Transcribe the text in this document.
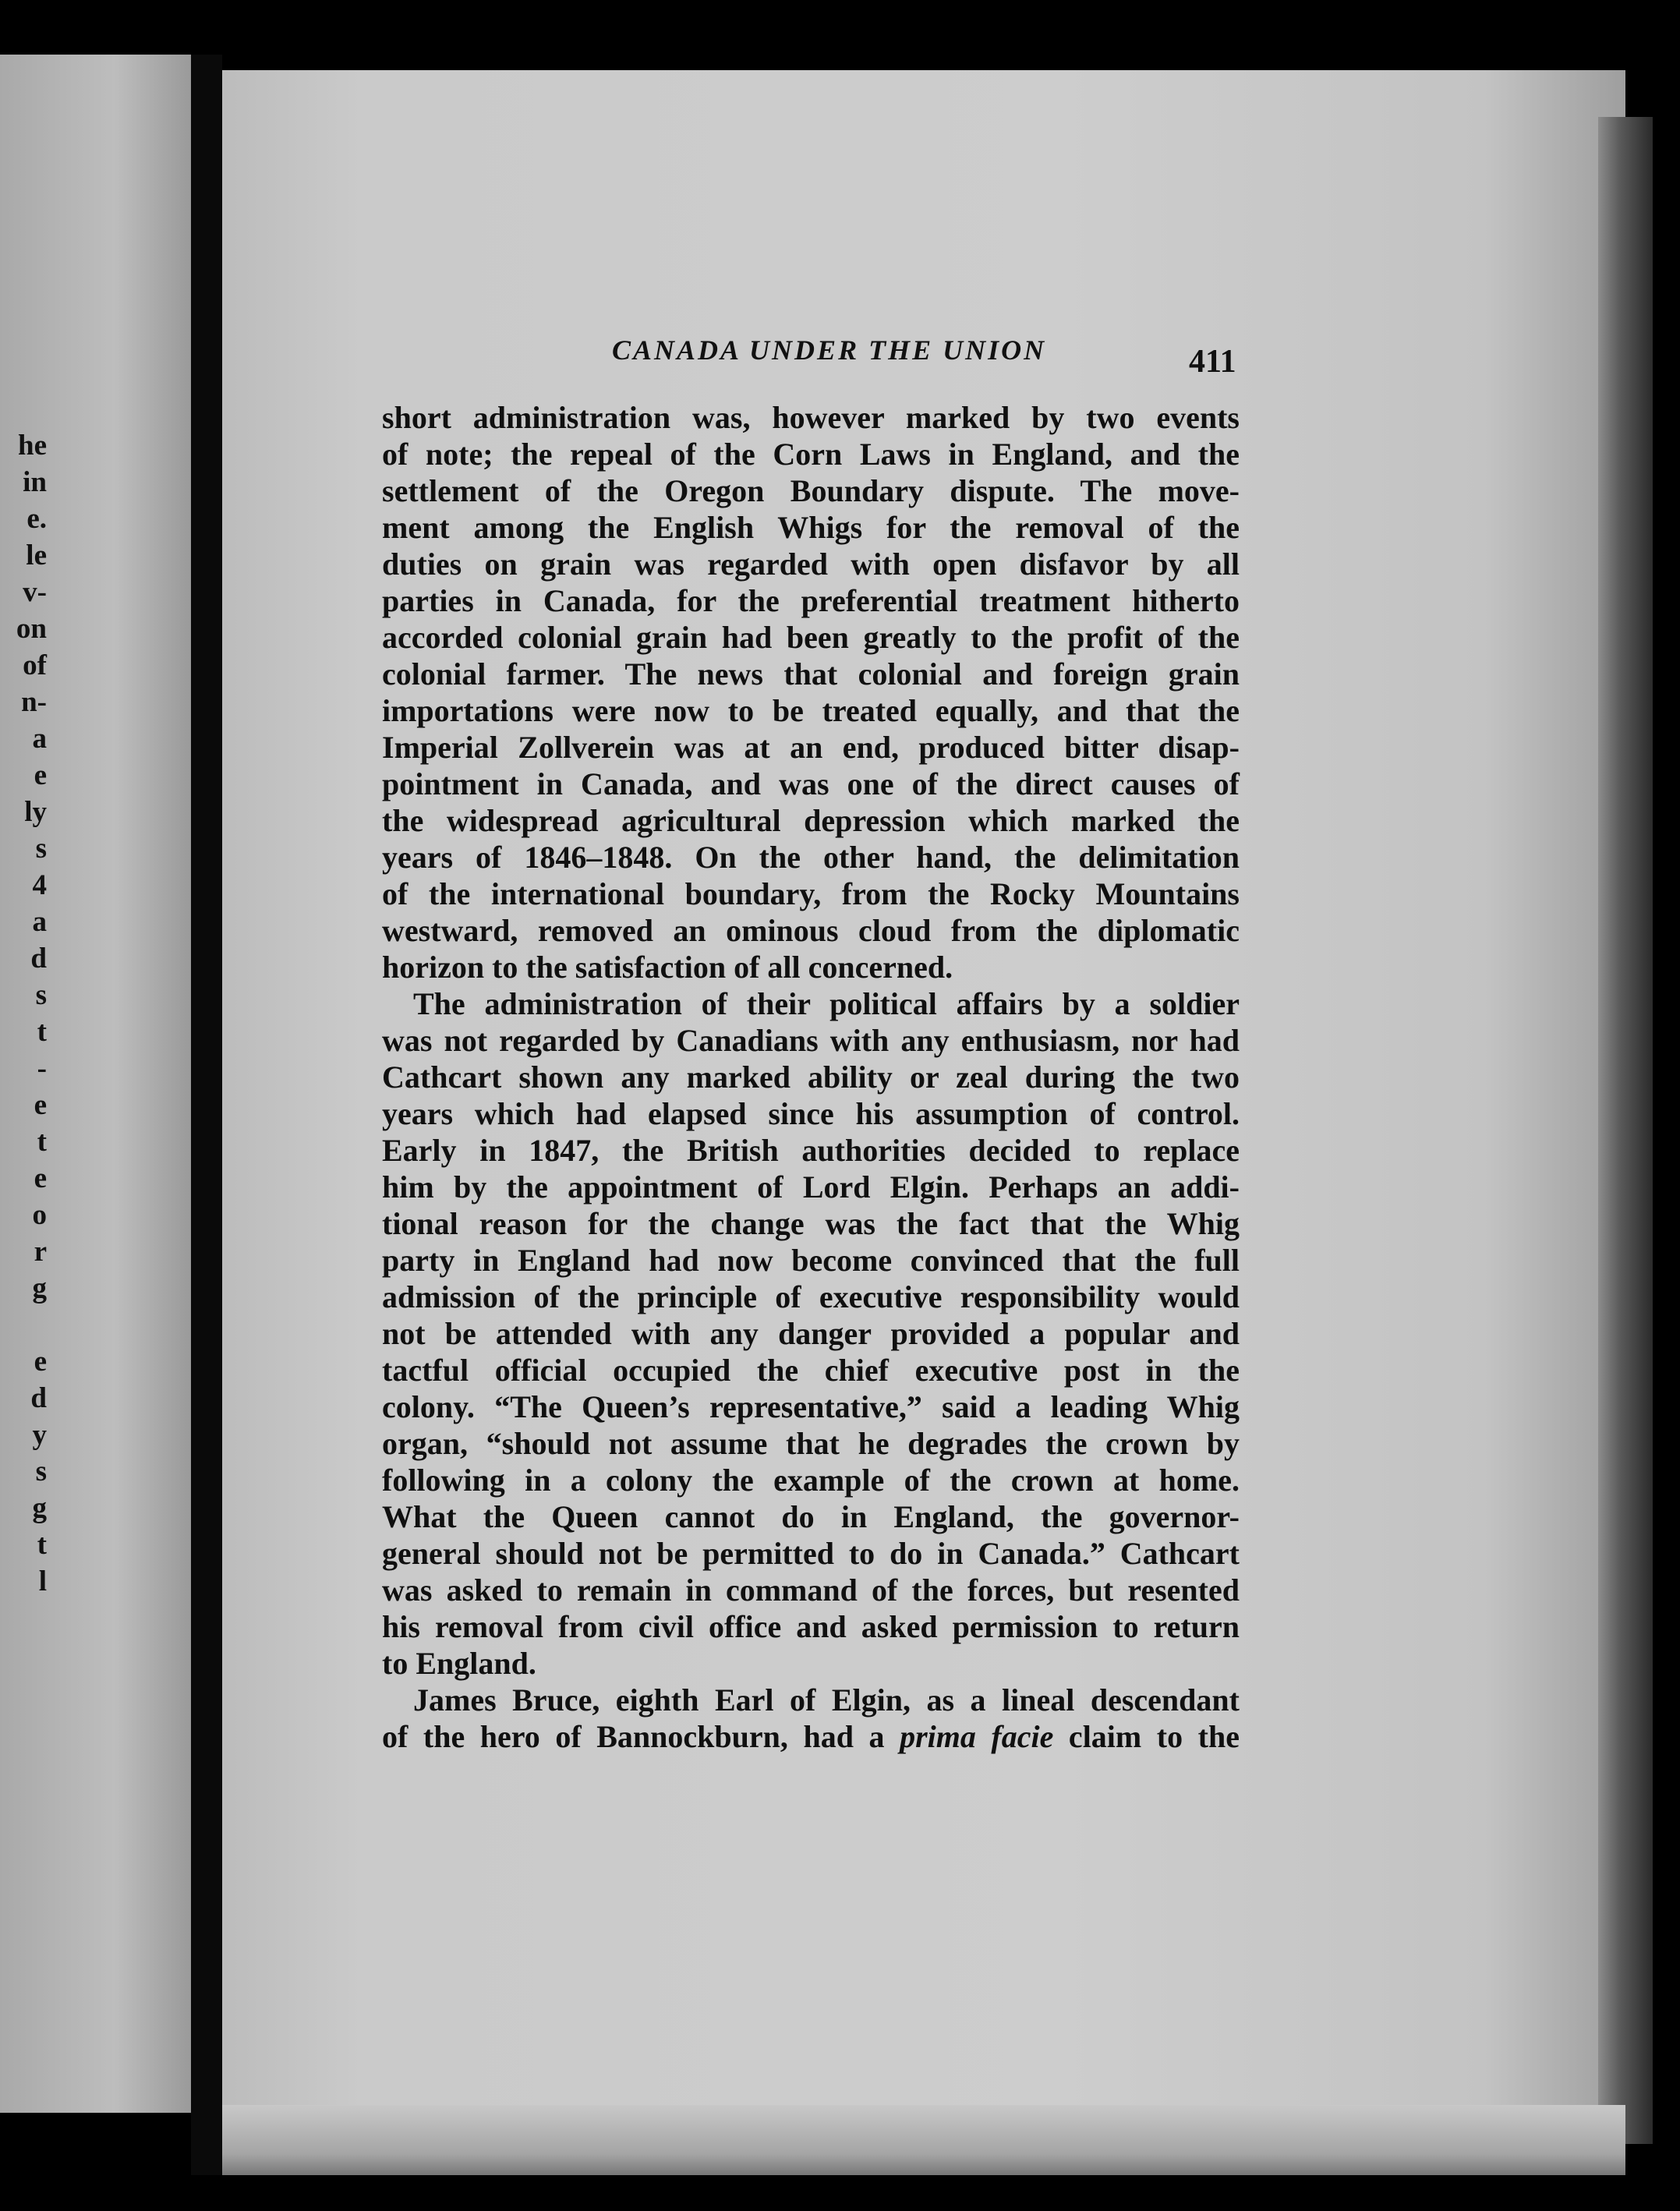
he
in
e.
le
v-
on
of
n-
a
e
ly
s
4
a
d
s
t
-
e
t
e
o
r
g

e
d
y
s
g
t
l
CANADA UNDER THE UNION	411
short administration was, however marked by two events
of note; the repeal of the Corn Laws in England, and the
settlement of the Oregon Boundary dispute. The move-
ment among the English Whigs for the removal of the
duties on grain was regarded with open disfavor by all
parties in Canada, for the preferential treatment hitherto
accorded colonial grain had been greatly to the profit of the
colonial farmer. The news that colonial and foreign grain
importations were now to be treated equally, and that the
Imperial Zollverein was at an end, produced bitter disap-
pointment in Canada, and was one of the direct causes of
the widespread agricultural depression which marked the
years of 1846–1848. On the other hand, the delimitation
of the international boundary, from the Rocky Mountains
westward, removed an ominous cloud from the diplomatic
horizon to the satisfaction of all concerned.
The administration of their political affairs by a soldier
was not regarded by Canadians with any enthusiasm, nor had
Cathcart shown any marked ability or zeal during the two
years which had elapsed since his assumption of control.
Early in 1847, the British authorities decided to replace
him by the appointment of Lord Elgin. Perhaps an addi-
tional reason for the change was the fact that the Whig
party in England had now become convinced that the full
admission of the principle of executive responsibility would
not be attended with any danger provided a popular and
tactful official occupied the chief executive post in the
colony. “The Queen’s representative,” said a leading Whig
organ, “should not assume that he degrades the crown by
following in a colony the example of the crown at home.
What the Queen cannot do in England, the governor-
general should not be permitted to do in Canada.” Cathcart
was asked to remain in command of the forces, but resented
his removal from civil office and asked permission to return
to England.
James Bruce, eighth Earl of Elgin, as a lineal descendant
of the hero of Bannockburn, had a prima facie claim to the
